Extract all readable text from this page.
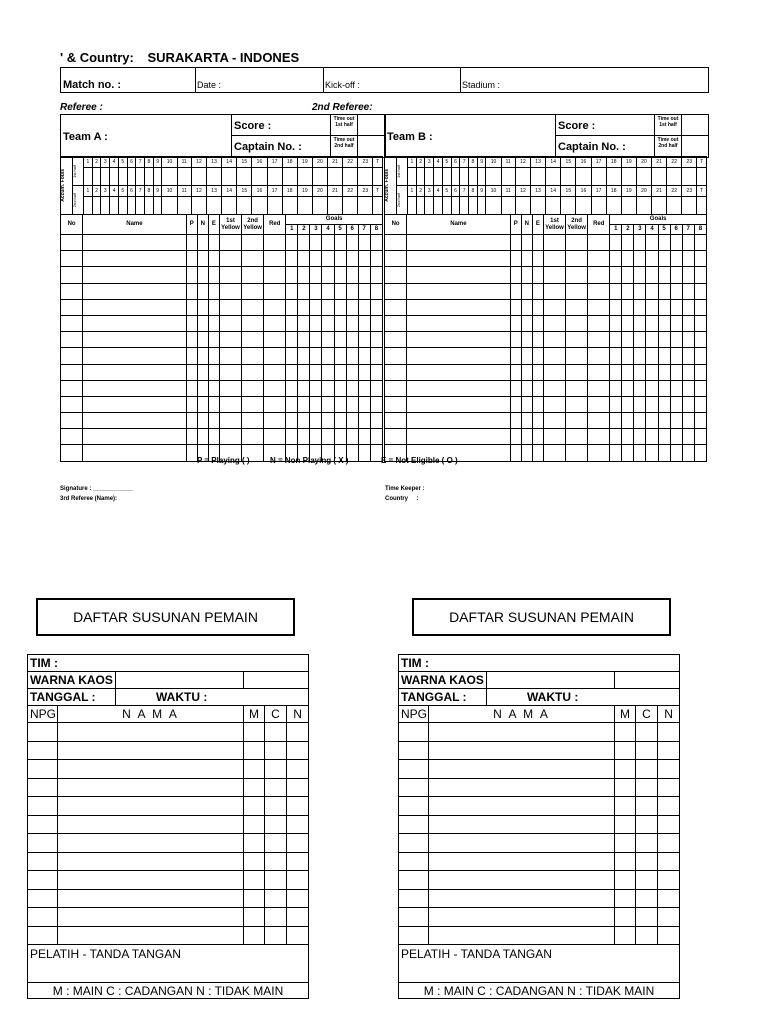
' & Country: SURAKARTA - INDONES
Match no. :	Date :	Kick-off :	Stadium :
Referee :	2nd Referee:
Team A :
Score :
Time out 1st half
Captain No. :
Time out 2nd half
Accum. Fouls	1st half	1	2	3	4	5	6	7	8	9	10	11	12	13	14	15	16	17	18	19	20	21	22	23	T

	2nd half	1	2	3	4	5	6	7	8	9	10	11	12	13	14	15	16	17	18	19	20	21	22	23	T

No	Name	P	N	E	1st Yellow	2nd Yellow	Red	Goals							
								1	2	3	4	5	6	7	8

Team B :
Score :
Time out 1st half
Captain No. :
Time out 2nd half
Accum. Fouls	1st half	1	2	3	4	5	6	7	8	9	10	11	12	13	14	15	16	17	18	19	20	21	22	23	T

	2nd half	1	2	3	4	5	6	7	8	9	10	11	12	13	14	15	16	17	18	19	20	21	22	23	T

No	Name	P	N	E	1st Yellow	2nd Yellow	Red	Goals							
								1	2	3	4	5	6	7	8

P = Playing ( )	N = Non Playing ( X )	E = Not Eligible ( O )
Signature : ____________
3rd Referee (Name):
Time Keeper :
Country     :
DAFTAR SUSUNAN PEMAIN
TIM :					
WARNA KAOS					
TANGGAL :		WAKTU :			
NPG	N A M A		M	C	N

PELATIH - TANDA TANGAN					
M : MAIN C : CADANGAN N : TIDAK MAIN					
DAFTAR SUSUNAN PEMAIN
TIM :					
WARNA KAOS					
TANGGAL :		WAKTU :			
NPG	N A M A		M	C	N

PELATIH - TANDA TANGAN					
M : MAIN C : CADANGAN N : TIDAK MAIN					
